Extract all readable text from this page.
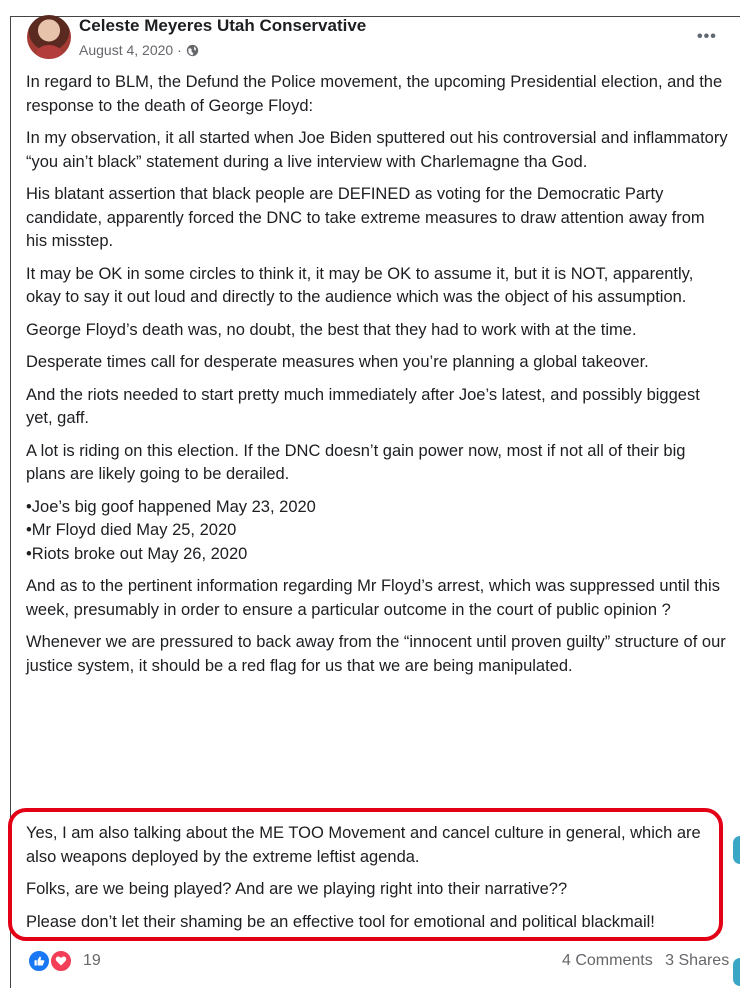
Celeste Meyeres Utah Conservative
August 4, 2020 ·
•••

In regard to BLM, the Defund the Police movement, the upcoming Presidential election, and the response to the death of George Floyd:

In my observation, it all started when Joe Biden sputtered out his controversial and inflammatory “you ain’t black” statement during a live interview with Charlemagne tha God.

His blatant assertion that black people are DEFINED as voting for the Democratic Party candidate, apparently forced the DNC to take extreme measures to draw attention away from his misstep.

It may be OK in some circles to think it, it may be OK to assume it, but it is NOT, apparently, okay to say it out loud and directly to the audience which was the object of his assumption.

George Floyd’s death was, no doubt, the best that they had to work with at the time.

Desperate times call for desperate measures when you’re planning a global takeover.

And the riots needed to start pretty much immediately after Joe’s latest, and possibly biggest yet, gaff.

A lot is riding on this election. If the DNC doesn’t gain power now, most if not all of their big plans are likely going to be derailed.

•Joe’s big goof happened May 23, 2020
•Mr Floyd died May 25, 2020
•Riots broke out May 26, 2020

And as to the pertinent information regarding Mr Floyd’s arrest, which was suppressed until this week, presumably in order to ensure a particular outcome in the court of public opinion ?

Whenever we are pressured to back away from the “innocent until proven guilty” structure of our justice system, it should be a red flag for us that we are being manipulated.

Yes, I am also talking about the ME TOO Movement and cancel culture in general, which are also weapons deployed by the extreme leftist agenda.

Folks, are we being played? And are we playing right into their narrative??

Please don’t let their shaming be an effective tool for emotional and political blackmail!

19	4 Comments 3 Shares
